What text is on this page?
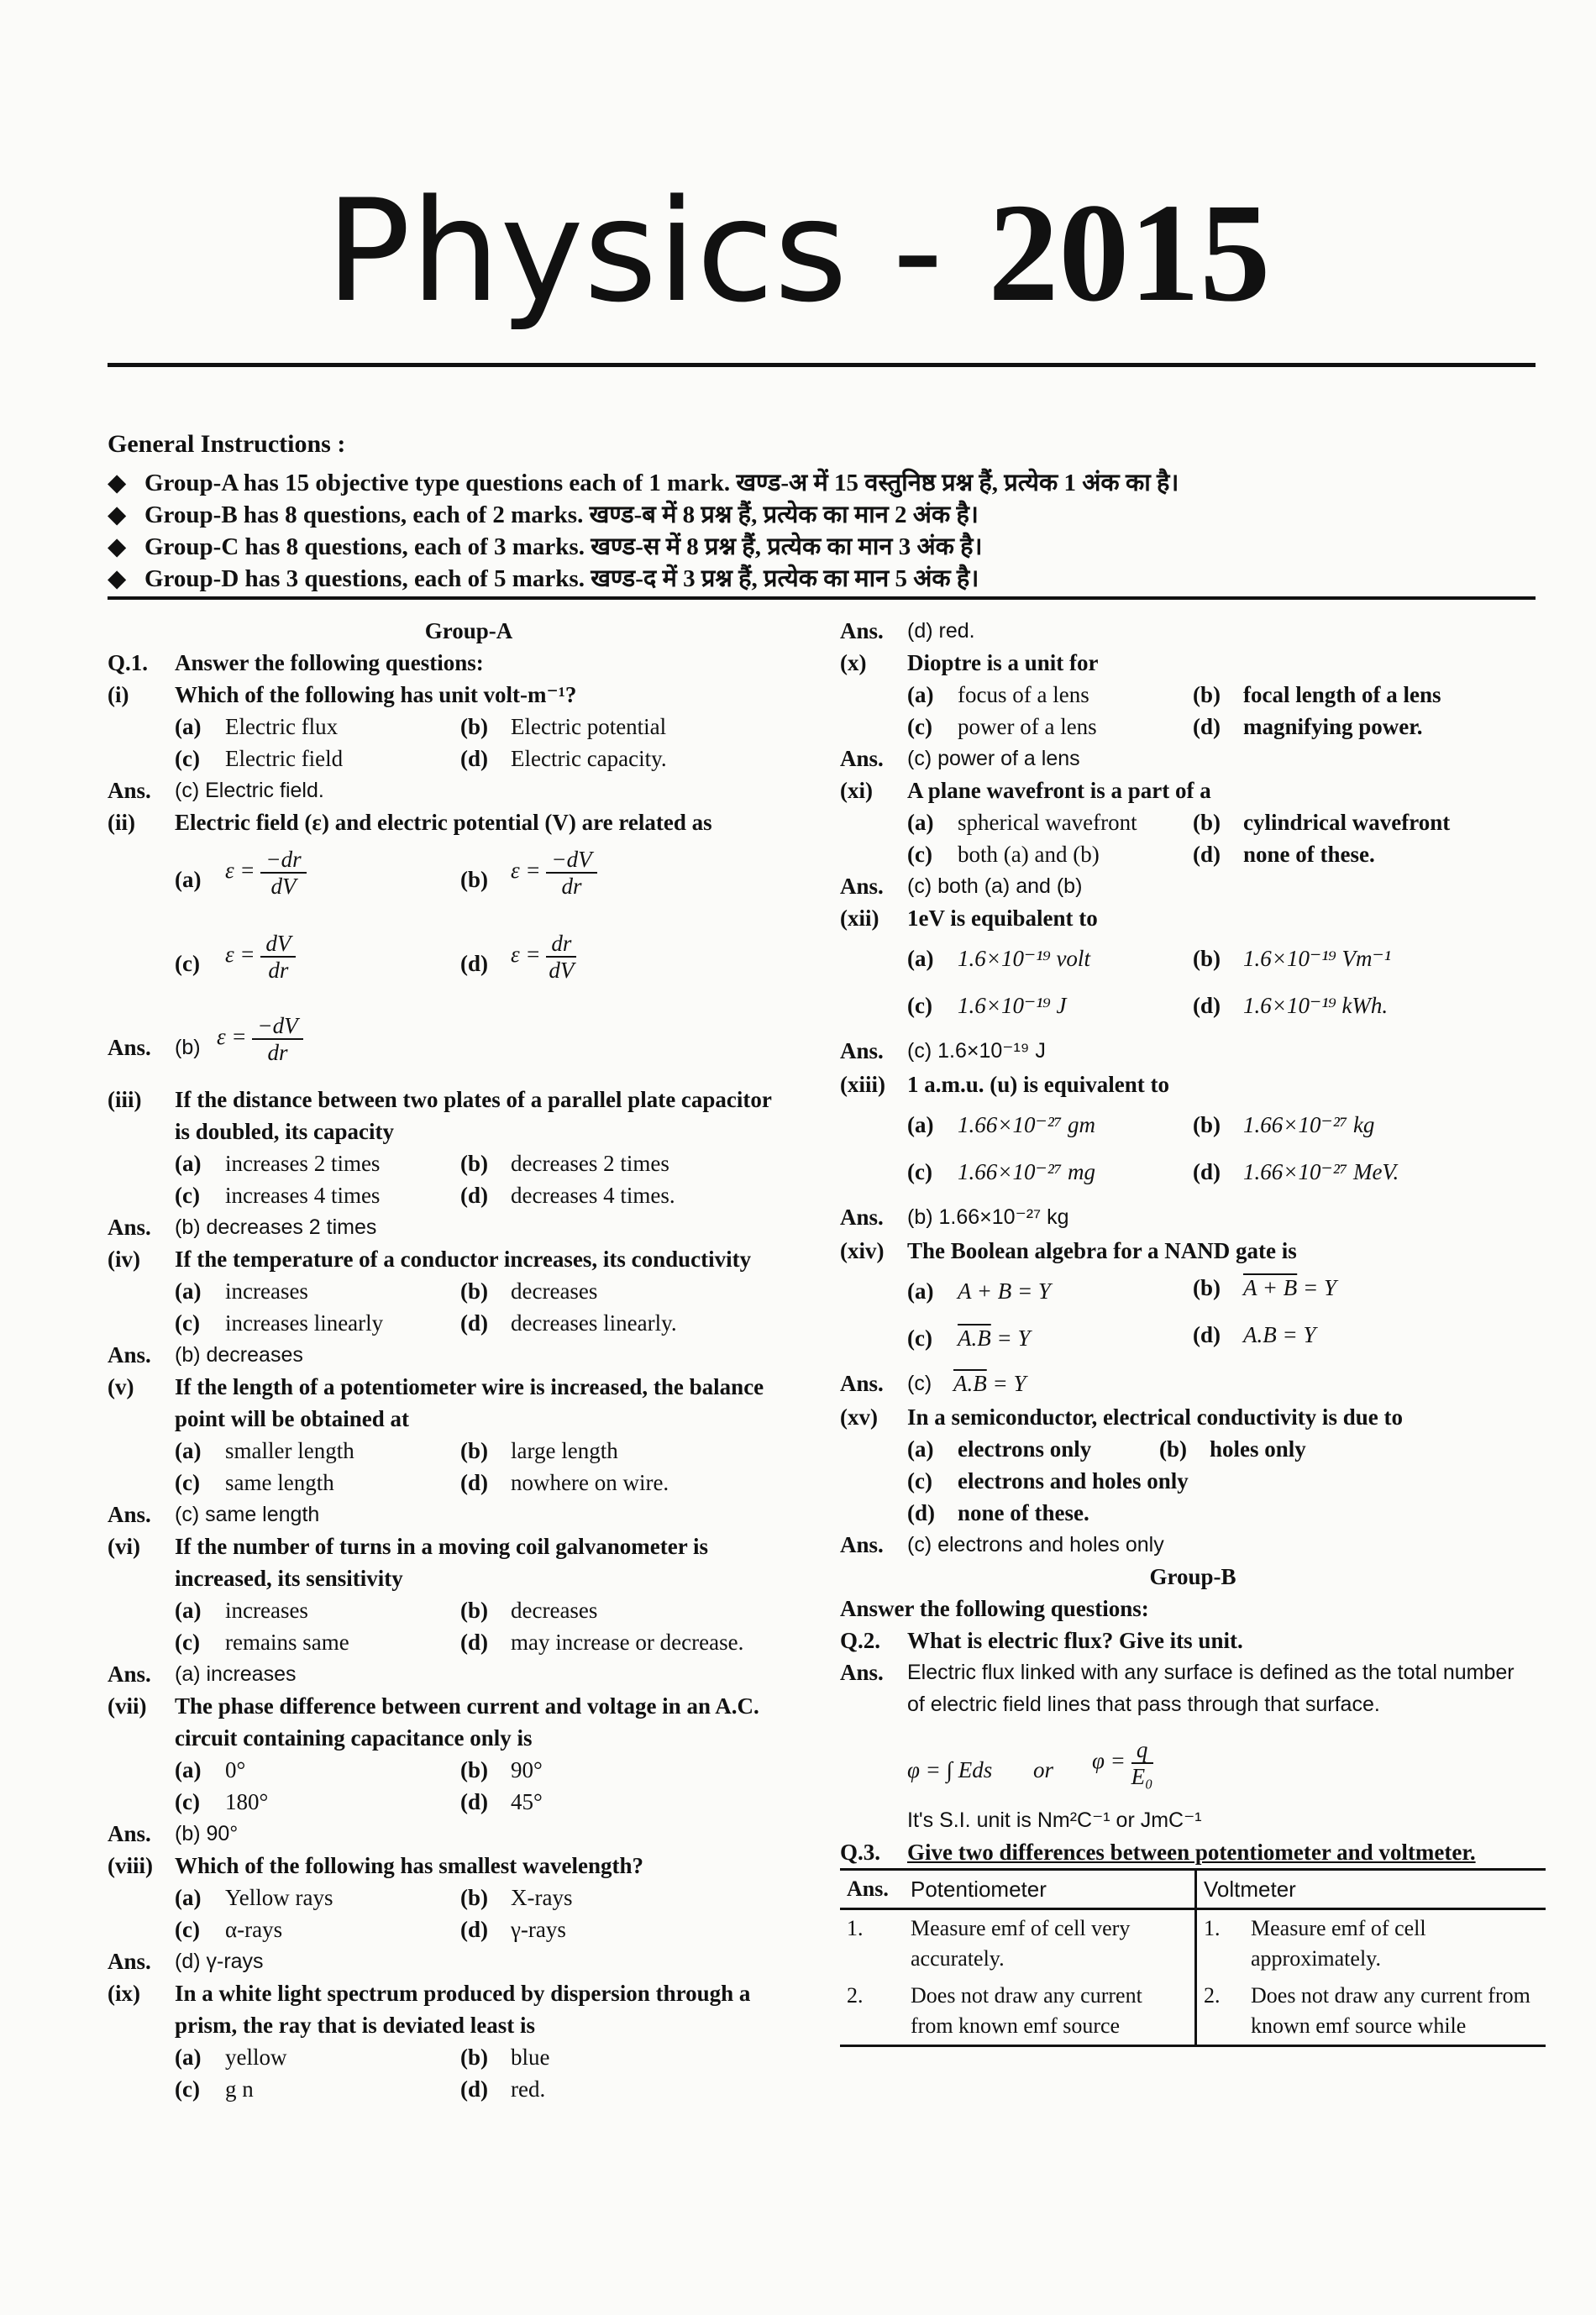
Physics - 2015
General Instructions :
◆ Group-A has 15 objective type questions each of 1 mark. खण्ड-अ में 15 वस्तुनिष्ठ प्रश्न हैं, प्रत्येक 1 अंक का है।
◆ Group-B has 8 questions, each of 2 marks. खण्ड-ब में 8 प्रश्न हैं, प्रत्येक का मान 2 अंक है।
◆ Group-C has 8 questions, each of 3 marks. खण्ड-स में 8 प्रश्न हैं, प्रत्येक का मान 3 अंक है।
◆ Group-D has 3 questions, each of 5 marks. खण्ड-द में 3 प्रश्न हैं, प्रत्येक का मान 5 अंक है।
Group-A
Q.1. Answer the following questions:
(i) Which of the following has unit volt-m⁻¹?
(a) Electric flux	(b) Electric potential
(c) Electric field	(d) Electric capacity.
Ans. (c) Electric field.
(ii) Electric field (ε) and electric potential (V) are related as
(a) $\varepsilon = \frac{-dr}{dV}$	(b) $\varepsilon = \frac{-dV}{dr}$
(c) $\varepsilon = \frac{dV}{dr}$	(d) $\varepsilon = \frac{dr}{dV}$
Ans. (b) $\varepsilon = \frac{-dV}{dr}$
(iii) If the distance between two plates of a parallel plate capacitor
is doubled, its capacity
(a) increases 2 times	(b) decreases 2 times
(c) increases 4 times	(d) decreases 4 times.
Ans. (b) decreases 2 times
(iv) If the temperature of a conductor increases, its conductivity
(a) increases	(b) decreases
(c) increases linearly	(d) decreases linearly.
Ans. (b) decreases
(v) If the length of a potentiometer wire is increased, the balance
point will be obtained at
(a) smaller length	(b) large length
(c) same length	(d) nowhere on wire.
Ans. (c) same length
(vi) If the number of turns in a moving coil galvanometer is
increased, its sensitivity
(a) increases	(b) decreases
(c) remains same	(d) may increase or decrease.
Ans. (a) increases
(vii) The phase difference between current and voltage in an A.C.
circuit containing capacitance only is
(a) 0°	(b) 90°
(c) 180°	(d) 45°
Ans. (b) 90°
(viii) Which of the following has smallest wavelength?
(a) Yellow rays	(b) X-rays
(c) α-rays	(d) γ-rays
Ans. (d) γ-rays
(ix) In a white light spectrum produced by dispersion through a
prism, the ray that is deviated least is
(a) yellow	(b) blue
(c) g n	(d) red.
Ans. (d) red.
(x) Dioptre is a unit for
(a) focus of a lens	(b) focal length of a lens
(c) power of a lens	(d) magnifying power.
Ans. (c) power of a lens
(xi) A plane wavefront is a part of a
(a) spherical wavefront (b) cylindrical wavefront
(c) both (a) and (b)	(d) none of these.
Ans. (c) both (a) and (b)
(xii) 1eV is equibalent to
(a) 1.6×10⁻¹⁹ volt	(b) 1.6×10⁻¹⁹ Vm⁻¹
(c) 1.6×10⁻¹⁹ J	(d) 1.6×10⁻¹⁹ kWh.
Ans. (c) 1.6×10⁻¹⁹ J
(xiii) 1 a.m.u. (u) is equivalent to
(a) 1.66×10⁻²⁷ gm	(b) 1.66×10⁻²⁷ kg
(c) 1.66×10⁻²⁷ mg	(d) 1.66×10⁻²⁷ MeV.
Ans. (b) 1.66×10⁻²⁷ kg
(xiv) The Boolean algebra for a NAND gate is
(a) A + B = Y	(b) A + B = Y
(c) A.B = Y	(d) A.B = Y
Ans. (c) A.B = Y
(xv) In a semiconductor, electrical conductivity is due to
(a) electrons only	(b) holes only
(c) electrons and holes only
(d) none of these.
Ans. (c) electrons and holes only
Group-B
Answer the following questions:
Q.2. What is electric flux? Give its unit.
Ans. Electric flux linked with any surface is defined as the total number
of electric field lines that pass through that surface.
φ = ∫ Eds or $\varphi = \frac{q}{\text{E₀}}$
It's S.I. unit is Nm²C⁻¹ or JmC⁻¹
Q.3. Give two differences between potentiometer and voltmeter.
Ans.	Potentiometer	Voltmeter	
1.	Measure emf of cell very accurately.	1.	Measure emf of cell approximately.
2.	Does not draw any current from known emf source	2.	Does not draw any current from known emf source while
